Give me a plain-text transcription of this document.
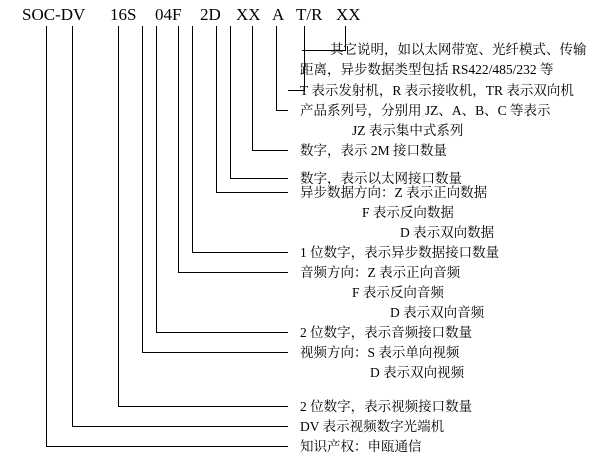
SOC-DV 16S 04F 2D XX A T/R XX
其它说明，如以太网带宽、光纤模式、传输
距离，异步数据类型包括 RS422/485/232 等
T 表示发射机，R 表示接收机，TR 表示双向机
产品系列号，分别用 JZ、A、B、C 等表示
JZ 表示集中式系列
数字，表示 2M 接口数量
数字，表示以太网接口数量
异步数据方向：Z 表示正向数据
F 表示反向数据
D 表示双向数据
1 位数字，表示异步数据接口数量
音频方向：Z 表示正向音频
F 表示反向音频
D 表示双向音频
2 位数字，表示音频接口数量
视频方向：S 表示单向视频
D 表示双向视频
2 位数字，表示视频接口数量
DV 表示视频数字光端机
知识产权：申瓯通信
